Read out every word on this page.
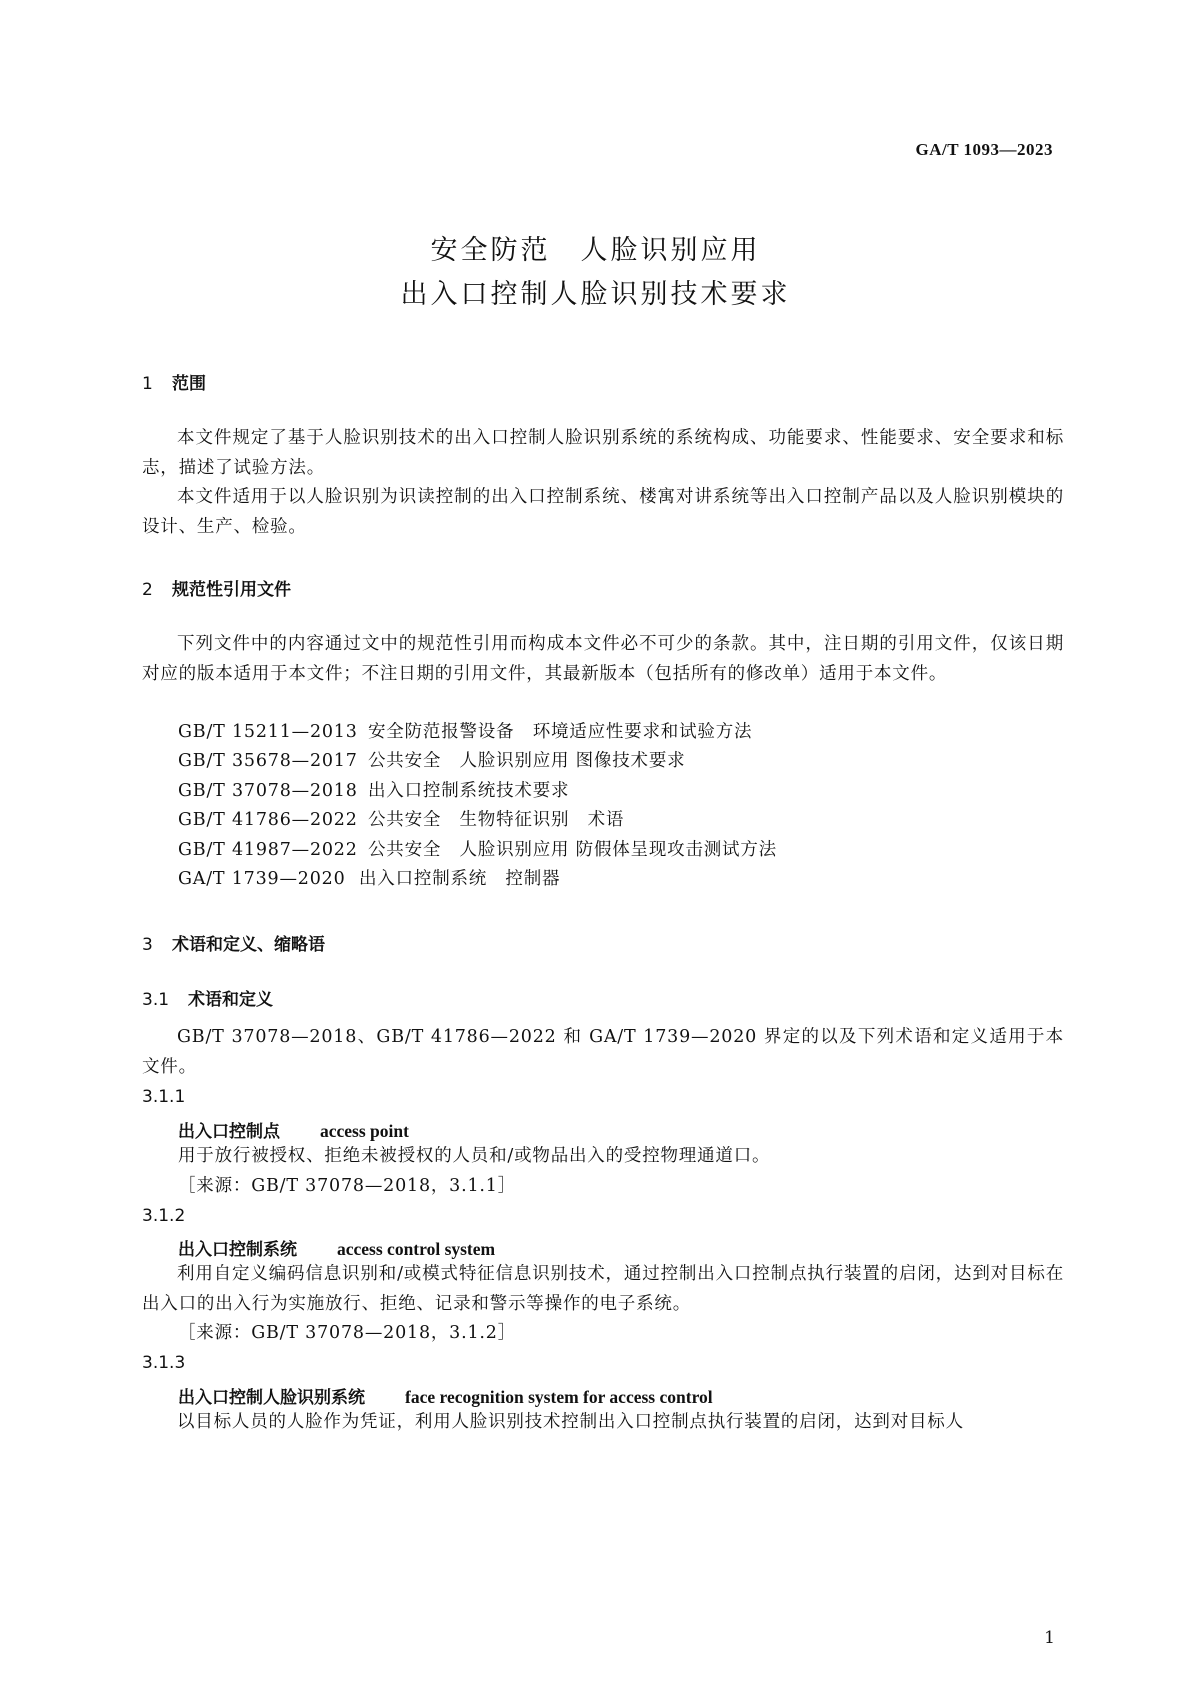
GA/T 1093—2023
安全防范　人脸识别应用
出入口控制人脸识别技术要求
1 范围
本文件规定了基于人脸识别技术的出入口控制人脸识别系统的系统构成、功能要求、性能要求、安全要求和标志，描述了试验方法。
本文件适用于以人脸识别为识读控制的出入口控制系统、楼寓对讲系统等出入口控制产品以及人脸识别模块的设计、生产、检验。
2 规范性引用文件
下列文件中的内容通过文中的规范性引用而构成本文件必不可少的条款。其中，注日期的引用文件，仅该日期对应的版本适用于本文件；不注日期的引用文件，其最新版本（包括所有的修改单）适用于本文件。
GB/T 15211—2013 安全防范报警设备　环境适应性要求和试验方法
GB/T 35678—2017 公共安全　人脸识别应用 图像技术要求
GB/T 37078—2018 出入口控制系统技术要求
GB/T 41786—2022 公共安全　生物特征识别　术语
GB/T 41987—2022 公共安全　人脸识别应用 防假体呈现攻击测试方法
GA/T 1739—2020 出入口控制系统　控制器
3 术语和定义、缩略语
3.1 术语和定义
GB/T 37078—2018、GB/T 41786—2022 和 GA/T 1739—2020 界定的以及下列术语和定义适用于本文件。
3.1.1
出入口控制点 access point
用于放行被授权、拒绝未被授权的人员和/或物品出入的受控物理通道口。
［来源：GB/T 37078—2018，3.1.1］
3.1.2
出入口控制系统 access control system
利用自定义编码信息识别和/或模式特征信息识别技术，通过控制出入口控制点执行装置的启闭，达到对目标在出入口的出入行为实施放行、拒绝、记录和警示等操作的电子系统。
［来源：GB/T 37078—2018，3.1.2］
3.1.3
出入口控制人脸识别系统 face recognition system for access control
以目标人员的人脸作为凭证，利用人脸识别技术控制出入口控制点执行装置的启闭，达到对目标人
1
